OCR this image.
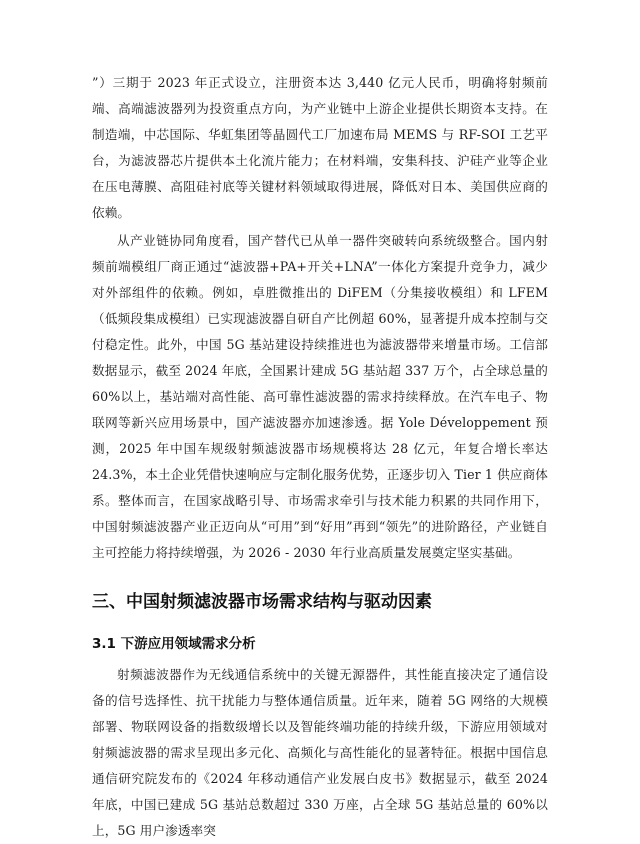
”）三期于 2023 年正式设立，注册资本达 3,440 亿元人民币，明确将射频前端、高端滤波器列为投资重点方向，为产业链中上游企业提供长期资本支持。在制造端，中芯国际、华虹集团等晶圆代工厂加速布局 MEMS 与 RF-SOI 工艺平台，为滤波器芯片提供本土化流片能力；在材料端，安集科技、沪硅产业等企业在压电薄膜、高阻硅衬底等关键材料领域取得进展，降低对日本、美国供应商的依赖。

从产业链协同角度看，国产替代已从单一器件突破转向系统级整合。国内射频前端模组厂商正通过“滤波器+PA+开关+LNA”一体化方案提升竞争力，减少对外部组件的依赖。例如，卓胜微推出的 DiFEM（分集接收模组）和 LFEM（低频段集成模组）已实现滤波器自研自产比例超 60%，显著提升成本控制与交付稳定性。此外，中国 5G 基站建设持续推进也为滤波器带来增量市场。工信部数据显示，截至 2024 年底，全国累计建成 5G 基站超 337 万个，占全球总量的 60%以上，基站端对高性能、高可靠性滤波器的需求持续释放。在汽车电子、物联网等新兴应用场景中，国产滤波器亦加速渗透。据 Yole Développement 预测，2025 年中国车规级射频滤波器市场规模将达 28 亿元，年复合增长率达 24.3%，本土企业凭借快速响应与定制化服务优势，正逐步切入 Tier 1 供应商体系。整体而言，在国家战略引导、市场需求牵引与技术能力积累的共同作用下，中国射频滤波器产业正迈向从“可用”到“好用”再到“领先”的进阶路径，产业链自主可控能力将持续增强，为 2026 - 2030 年行业高质量发展奠定坚实基础。

三、中国射频滤波器市场需求结构与驱动因素
3.1 下游应用领域需求分析

射频滤波器作为无线通信系统中的关键无源器件，其性能直接决定了通信设备的信号选择性、抗干扰能力与整体通信质量。近年来，随着 5G 网络的大规模部署、物联网设备的指数级增长以及智能终端功能的持续升级，下游应用领域对射频滤波器的需求呈现出多元化、高频化与高性能化的显著特征。根据中国信息通信研究院发布的《2024 年移动通信产业发展白皮书》数据显示，截至 2024 年底，中国已建成 5G 基站总数超过 330 万座，占全球 5G 基站总量的 60%以上，5G 用户渗透率突
